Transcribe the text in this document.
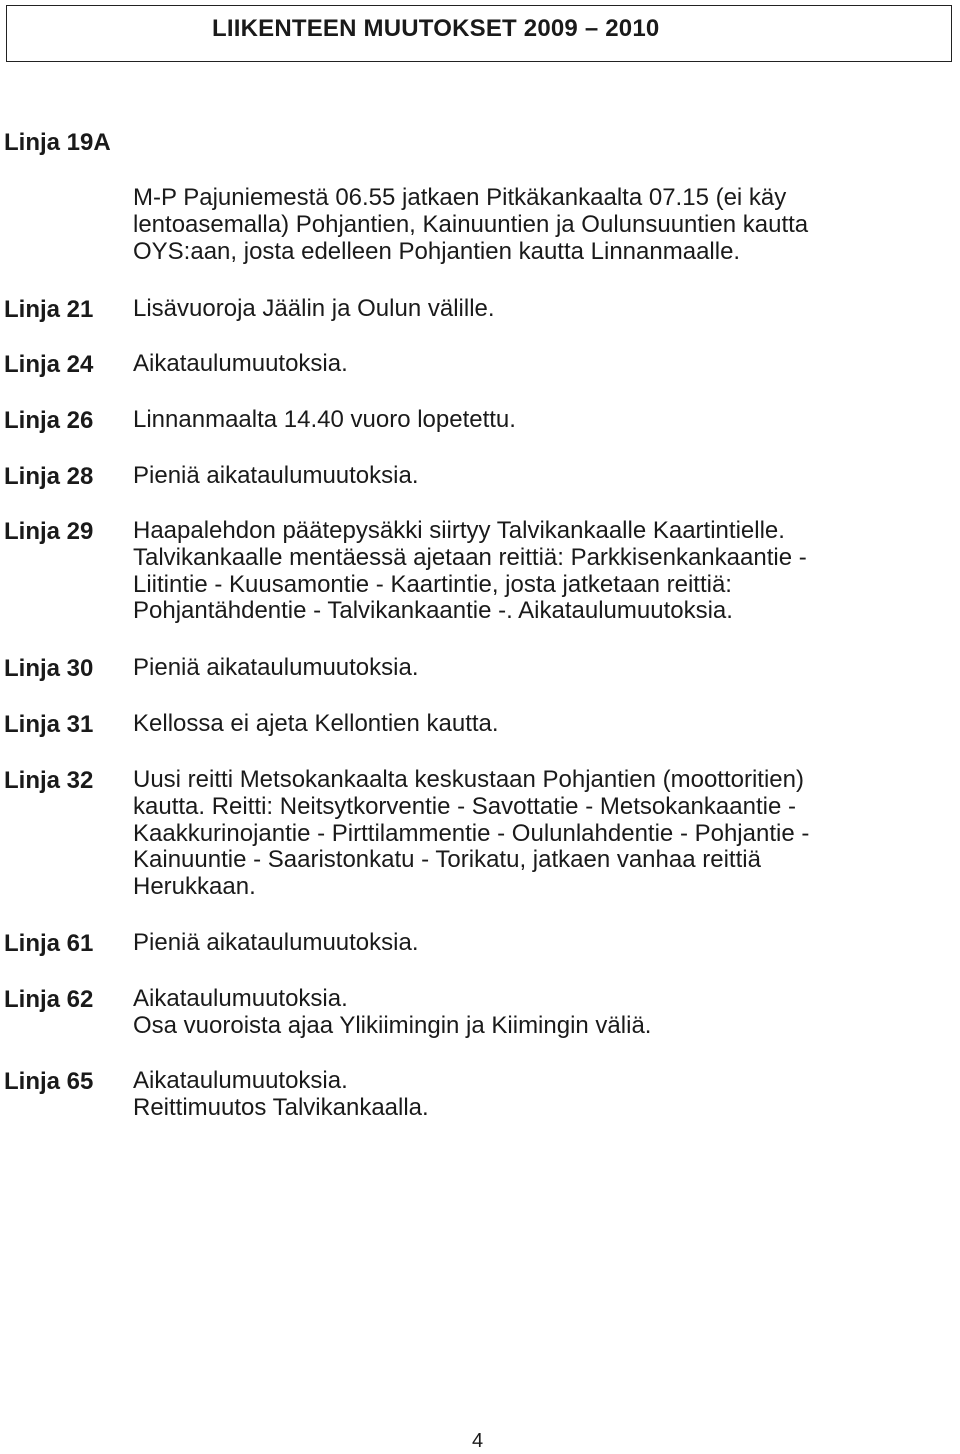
LIIKENTEEN MUUTOKSET 2009 – 2010
Linja 19A
M-P Pajuniemestä 06.55 jatkaen Pitkäkankaalta 07.15 (ei käy
lentoasemalla) Pohjantien, Kainuuntien ja Oulunsuuntien kautta
OYS:aan, josta edelleen Pohjantien kautta Linnanmaalle.
Linja 21 Lisävuoroja Jäälin ja Oulun välille.
Linja 24 Aikataulumuutoksia.
Linja 26 Linnanmaalta 14.40 vuoro lopetettu.
Linja 28 Pieniä aikataulumuutoksia.
Linja 29 Haapalehdon päätepysäkki siirtyy Talvikankaalle Kaartintielle.
Talvikankaalle mentäessä ajetaan reittiä: Parkkisenkankaantie -
Liitintie - Kuusamontie - Kaartintie, josta jatketaan reittiä:
Pohjantähdentie - Talvikankaantie -. Aikataulumuutoksia.
Linja 30 Pieniä aikataulumuutoksia.
Linja 31 Kellossa ei ajeta Kellontien kautta.
Linja 32 Uusi reitti Metsokankaalta keskustaan Pohjantien (moottoritien)
kautta. Reitti: Neitsytkorventie - Savottatie - Metsokankaantie -
Kaakkurinojantie - Pirttilammentie - Oulunlahdentie - Pohjantie -
Kainuuntie - Saaristonkatu - Torikatu, jatkaen vanhaa reittiä
Herukkaan.
Linja 61 Pieniä aikataulumuutoksia.
Linja 62 Aikataulumuutoksia.
Osa vuoroista ajaa Ylikiimingin ja Kiimingin väliä.
Linja 65 Aikataulumuutoksia.
Reittimuutos Talvikankaalla.
4
